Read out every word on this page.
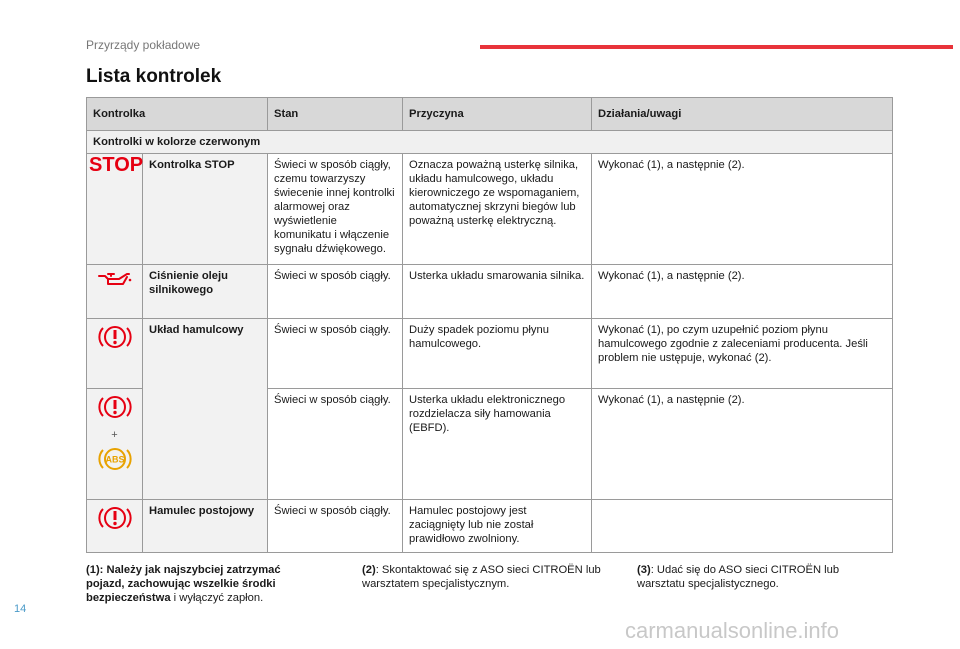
Przyrządy pokładowe
Lista kontrolek
Kontrolka		Stan	Przyczyna	Działania/uwagi
Kontrolki w kolorze czerwonym				
STOP	Kontrolka STOP	Świeci w sposób ciągły, czemu towarzyszy świecenie innej kontrolki alarmowej oraz wyświetlenie komunikatu i włączenie sygnału dźwiękowego.	Oznacza poważną usterkę silnika, układu hamulcowego, układu kierowniczego ze wspomaganiem, automatycznej skrzyni biegów lub poważną usterkę elektryczną.	Wykonać (1), a następnie (2).
	Ciśnienie oleju silnikowego	Świeci w sposób ciągły.	Usterka układu smarowania silnika.	Wykonać (1), a następnie (2).
	Układ hamulcowy	Świeci w sposób ciągły.	Duży spadek poziomu płynu hamulcowego.	Wykonać (1), po czym uzupełnić poziom płynu hamulcowego zgodnie z zaleceniami producenta. Jeśli problem nie ustępuje, wykonać (2).

+
ABS		Świeci w sposób ciągły.	Usterka układu elektronicznego rozdzielacza siły hamowania (EBFD).	Wykonać (1), a następnie (2).
	Hamulec postojowy	Świeci w sposób ciągły.	Hamulec postojowy jest zaciągnięty lub nie został prawidłowo zwolniony.	
(1): Należy jak najszybciej zatrzymać pojazd, zachowując wszelkie środki bezpieczeństwa i wyłączyć zapłon.
(2): Skontaktować się z ASO sieci CITROËN lub warsztatem specjalistycznym.
(3): Udać się do ASO sieci CITROËN lub warsztatu specjalistycznego.
14
carmanualsonline.info
